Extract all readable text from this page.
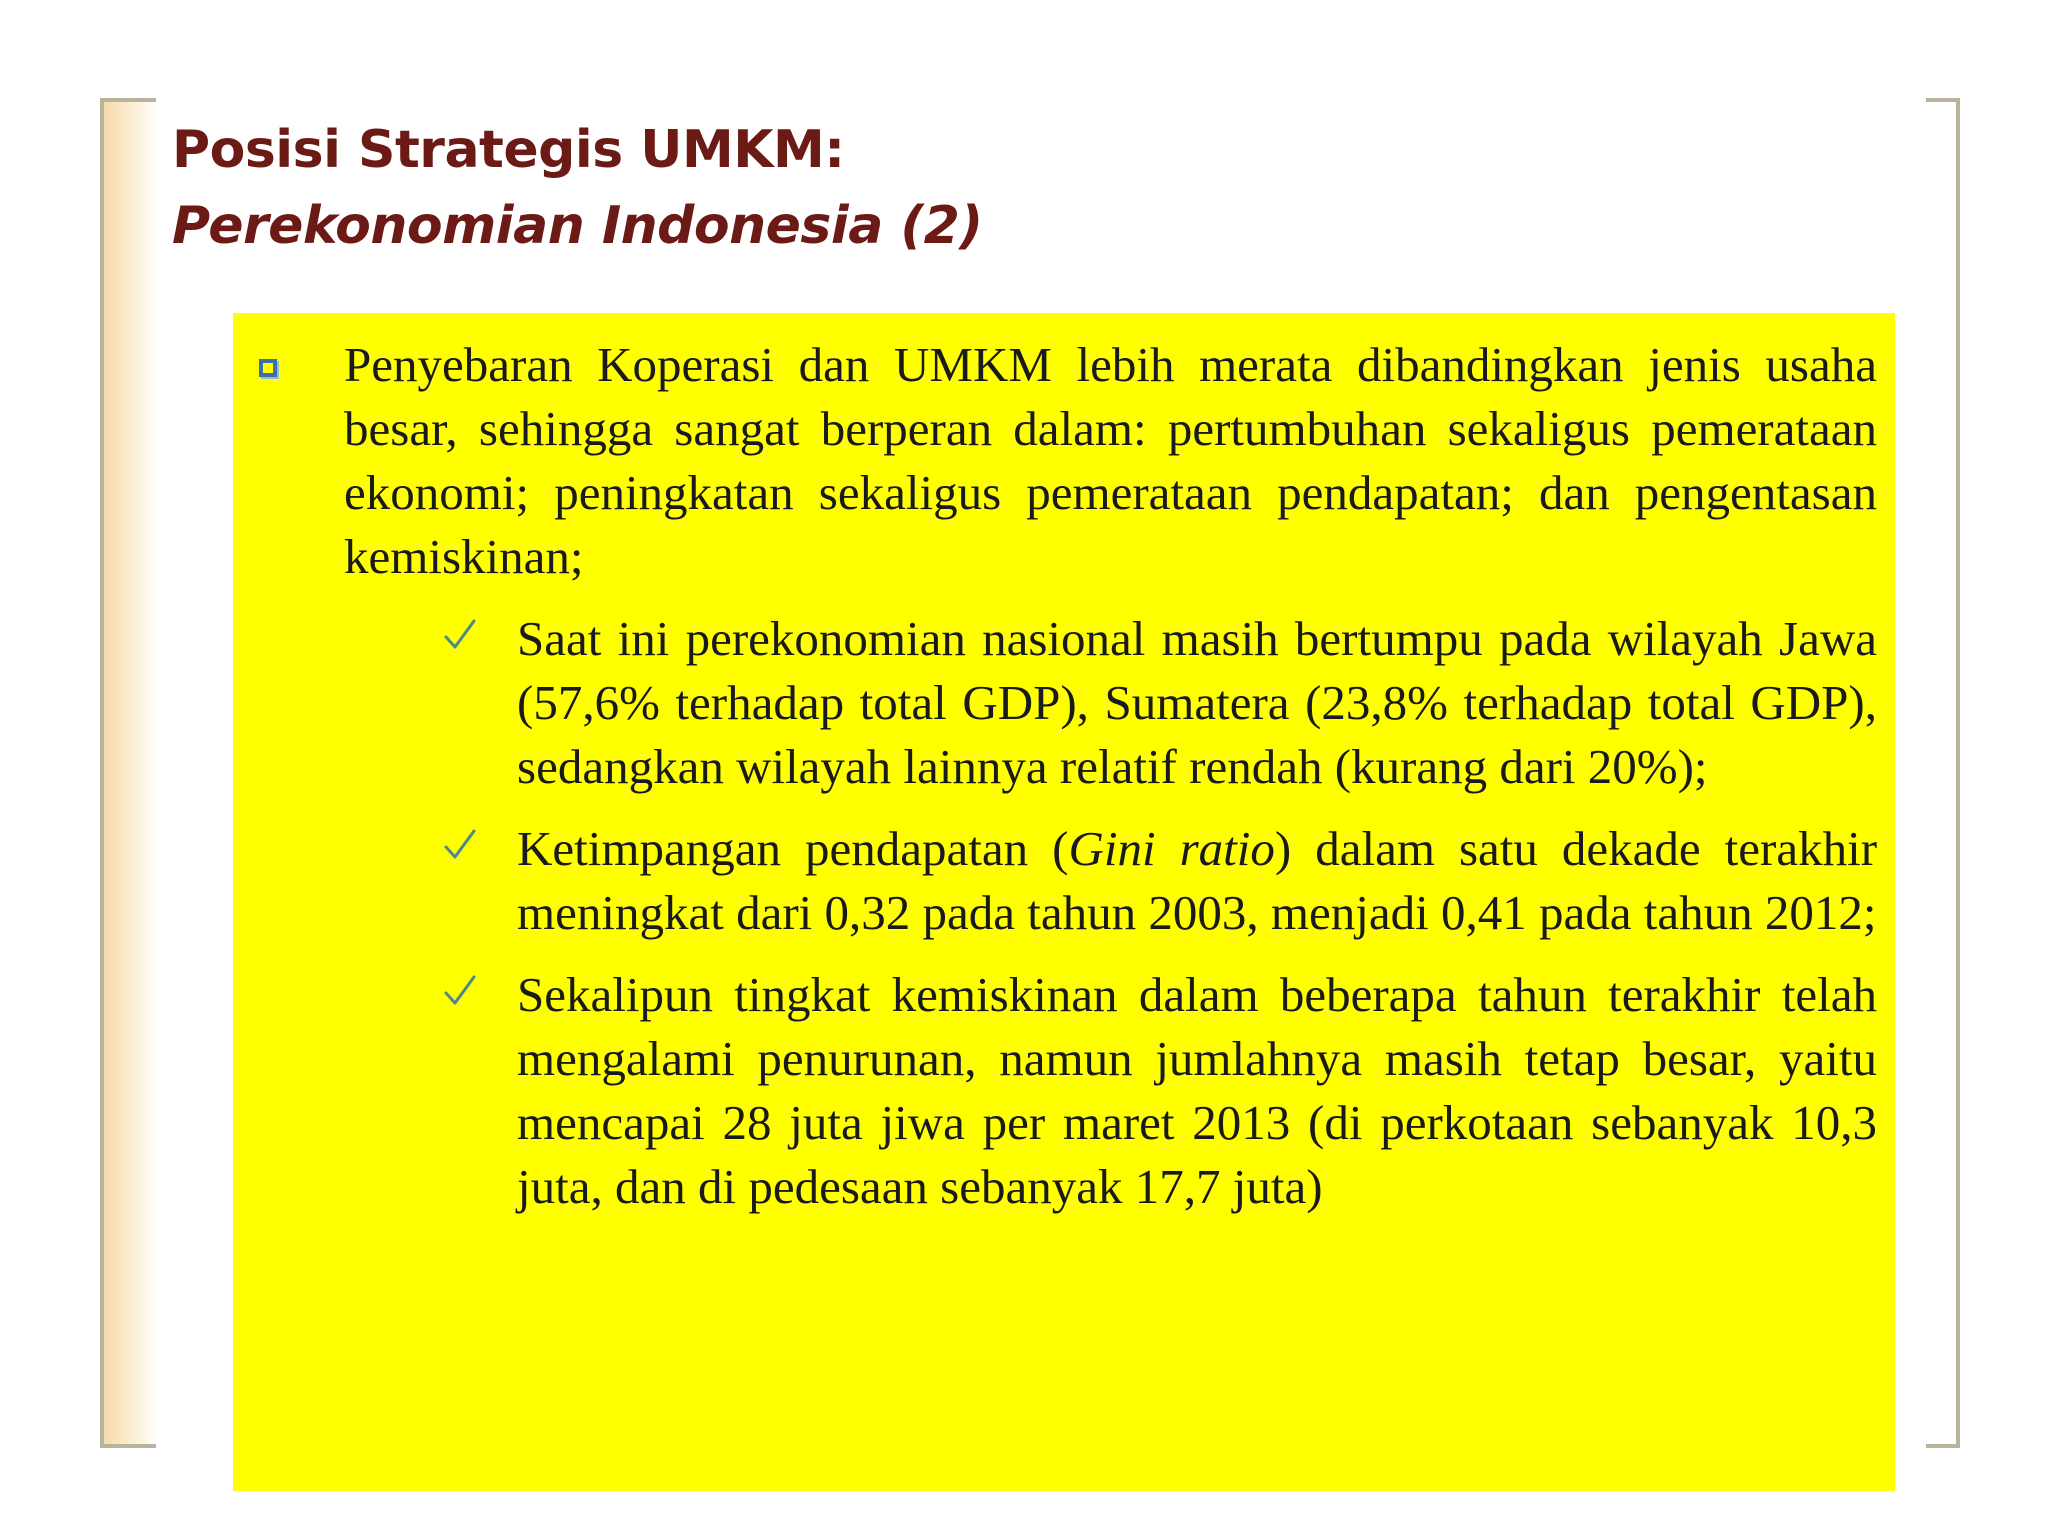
Posisi Strategis UMKM:
Perekonomian Indonesia (2)

Penyebaran Koperasi dan UMKM lebih merata dibandingkan jenis usaha besar, sehingga sangat berperan dalam: pertumbuhan sekaligus pemerataan ekonomi; peningkatan sekaligus pemerataan pendapatan; dan pengentasan kemiskinan;

Saat ini perekonomian nasional masih bertumpu pada wilayah Jawa (57,6% terhadap total GDP), Sumatera (23,8% terhadap total GDP), sedangkan wilayah lainnya relatif rendah (kurang dari 20%);

Ketimpangan pendapatan (Gini ratio) dalam satu dekade terakhir meningkat dari 0,32 pada tahun 2003, menjadi 0,41 pada tahun 2012;

Sekalipun tingkat kemiskinan dalam beberapa tahun terakhir telah mengalami penurunan, namun jumlahnya masih tetap besar, yaitu mencapai 28 juta jiwa per maret 2013 (di perkotaan sebanyak 10,3 juta, dan di pedesaan sebanyak 17,7 juta)
